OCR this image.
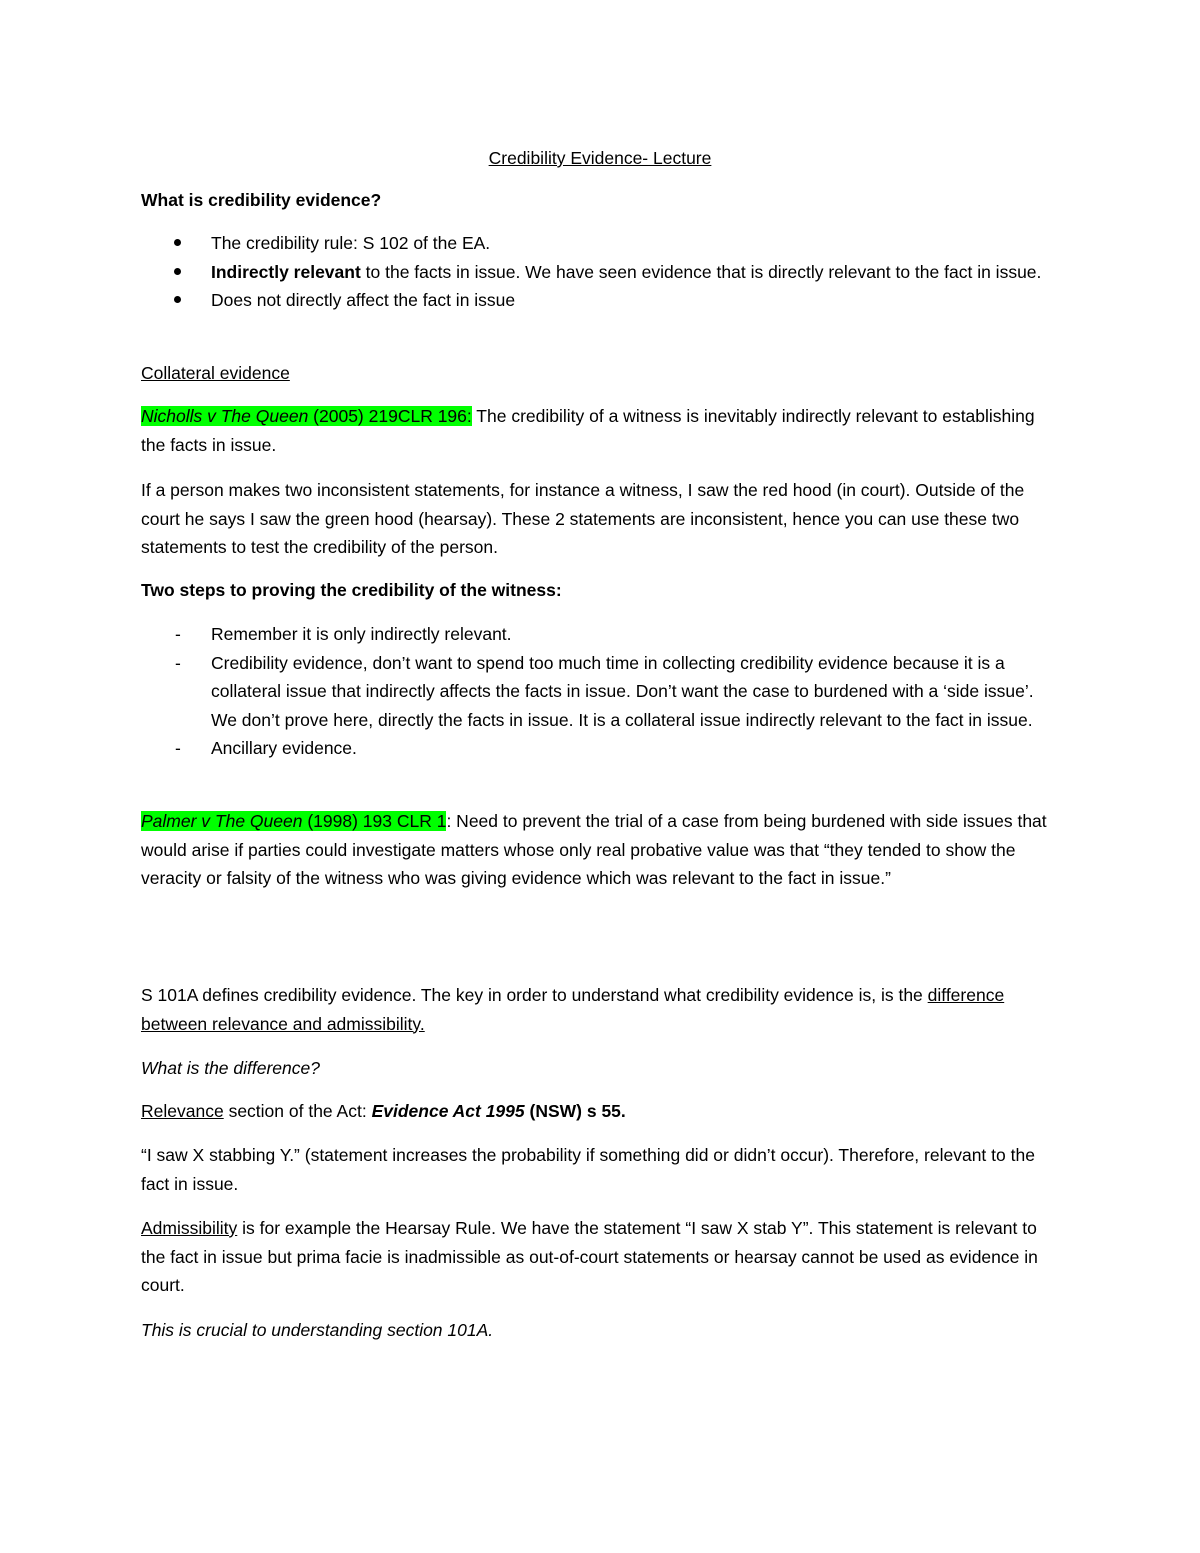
Credibility Evidence- Lecture
What is credibility evidence?
The credibility rule: S 102 of the EA.
Indirectly relevant to the facts in issue. We have seen evidence that is directly relevant to the fact in issue.
Does not directly affect the fact in issue
Collateral evidence
Nicholls v The Queen (2005) 219CLR 196: The credibility of a witness is inevitably indirectly relevant to establishing the facts in issue.
If a person makes two inconsistent statements, for instance a witness, I saw the red hood (in court). Outside of the court he says I saw the green hood (hearsay). These 2 statements are inconsistent, hence you can use these two statements to test the credibility of the person.
Two steps to proving the credibility of the witness:
- Remember it is only indirectly relevant.
- Credibility evidence, don’t want to spend too much time in collecting credibility evidence because it is a collateral issue that indirectly affects the facts in issue. Don’t want the case to burdened with a ‘side issue’. We don’t prove here, directly the facts in issue. It is a collateral issue indirectly relevant to the fact in issue.
- Ancillary evidence.
Palmer v The Queen (1998) 193 CLR 1: Need to prevent the trial of a case from being burdened with side issues that would arise if parties could investigate matters whose only real probative value was that “they tended to show the veracity or falsity of the witness who was giving evidence which was relevant to the fact in issue.”
S 101A defines credibility evidence. The key in order to understand what credibility evidence is, is the difference between relevance and admissibility.
What is the difference?
Relevance section of the Act: Evidence Act 1995 (NSW) s 55.
“I saw X stabbing Y.” (statement increases the probability if something did or didn’t occur). Therefore, relevant to the fact in issue.
Admissibility is for example the Hearsay Rule. We have the statement “I saw X stab Y”. This statement is relevant to the fact in issue but prima facie is inadmissible as out-of-court statements or hearsay cannot be used as evidence in court.
This is crucial to understanding section 101A.
